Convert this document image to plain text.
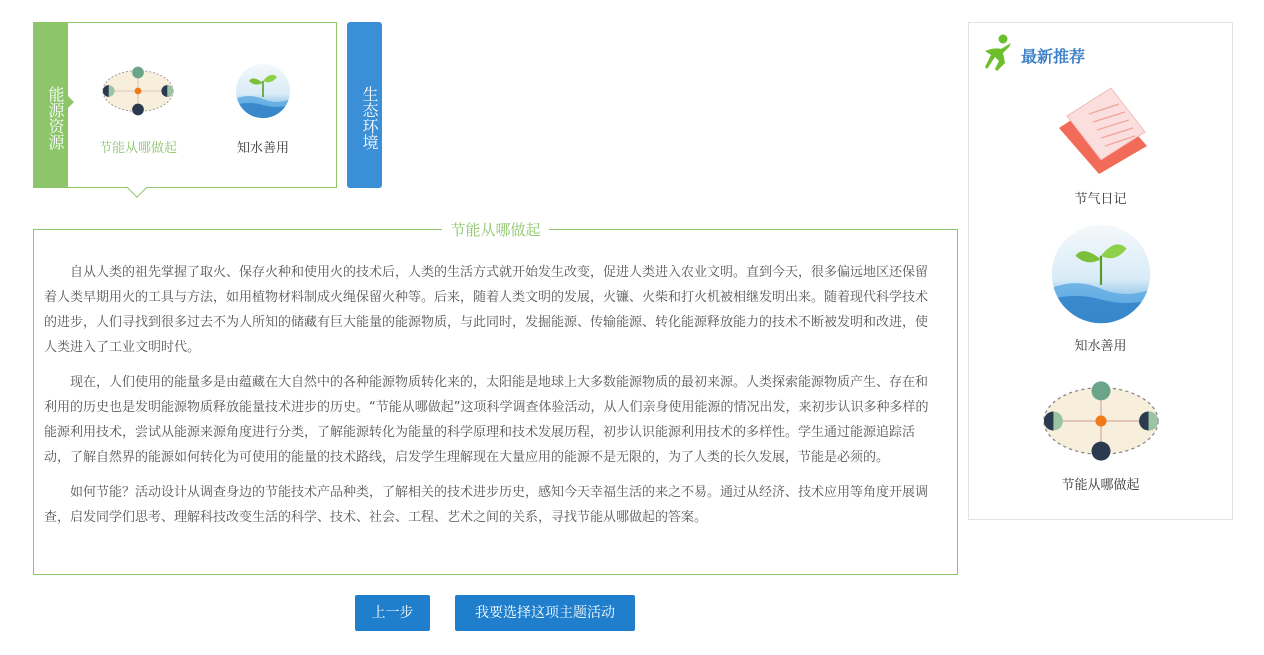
能源资源	节能从哪做起	知水善用	生态环境
节能从哪做起

自从人类的祖先掌握了取火、保存火种和使用火的技术后，人类的生活方式就开始发生改变，促进人类进入农业文明。直到今天，很多偏远地区还保留着人类早期用火的工具与方法，如用植物材料制成火绳保留火种等。后来，随着人类文明的发展，火镰、火柴和打火机被相继发明出来。随着现代科学技术的进步，人们寻找到很多过去不为人所知的储藏有巨大能量的能源物质，与此同时，发掘能源、传输能源、转化能源释放能力的技术不断被发明和改进，使人类进入了工业文明时代。

现在，人们使用的能量多是由蕴藏在大自然中的各种能源物质转化来的，太阳能是地球上大多数能源物质的最初来源。人类探索能源物质产生、存在和利用的历史也是发明能源物质释放能量技术进步的历史。“节能从哪做起”这项科学调查体验活动，从人们亲身使用能源的情况出发，来初步认识多种多样的能源利用技术，尝试从能源来源角度进行分类，了解能源转化为能量的科学原理和技术发展历程，初步认识能源利用技术的多样性。学生通过能源追踪活动，了解自然界的能源如何转化为可使用的能量的技术路线，启发学生理解现在大量应用的能源不是无限的，为了人类的长久发展，节能是必须的。

如何节能？活动设计从调查身边的节能技术产品种类，了解相关的技术进步历史，感知今天幸福生活的来之不易。通过从经济、技术应用等角度开展调查，启发同学们思考、理解科技改变生活的科学、技术、社会、工程、艺术之间的关系，寻找节能从哪做起的答案。

上一步	我要选择这项主题活动
最新推荐
节气日记
知水善用
节能从哪做起
